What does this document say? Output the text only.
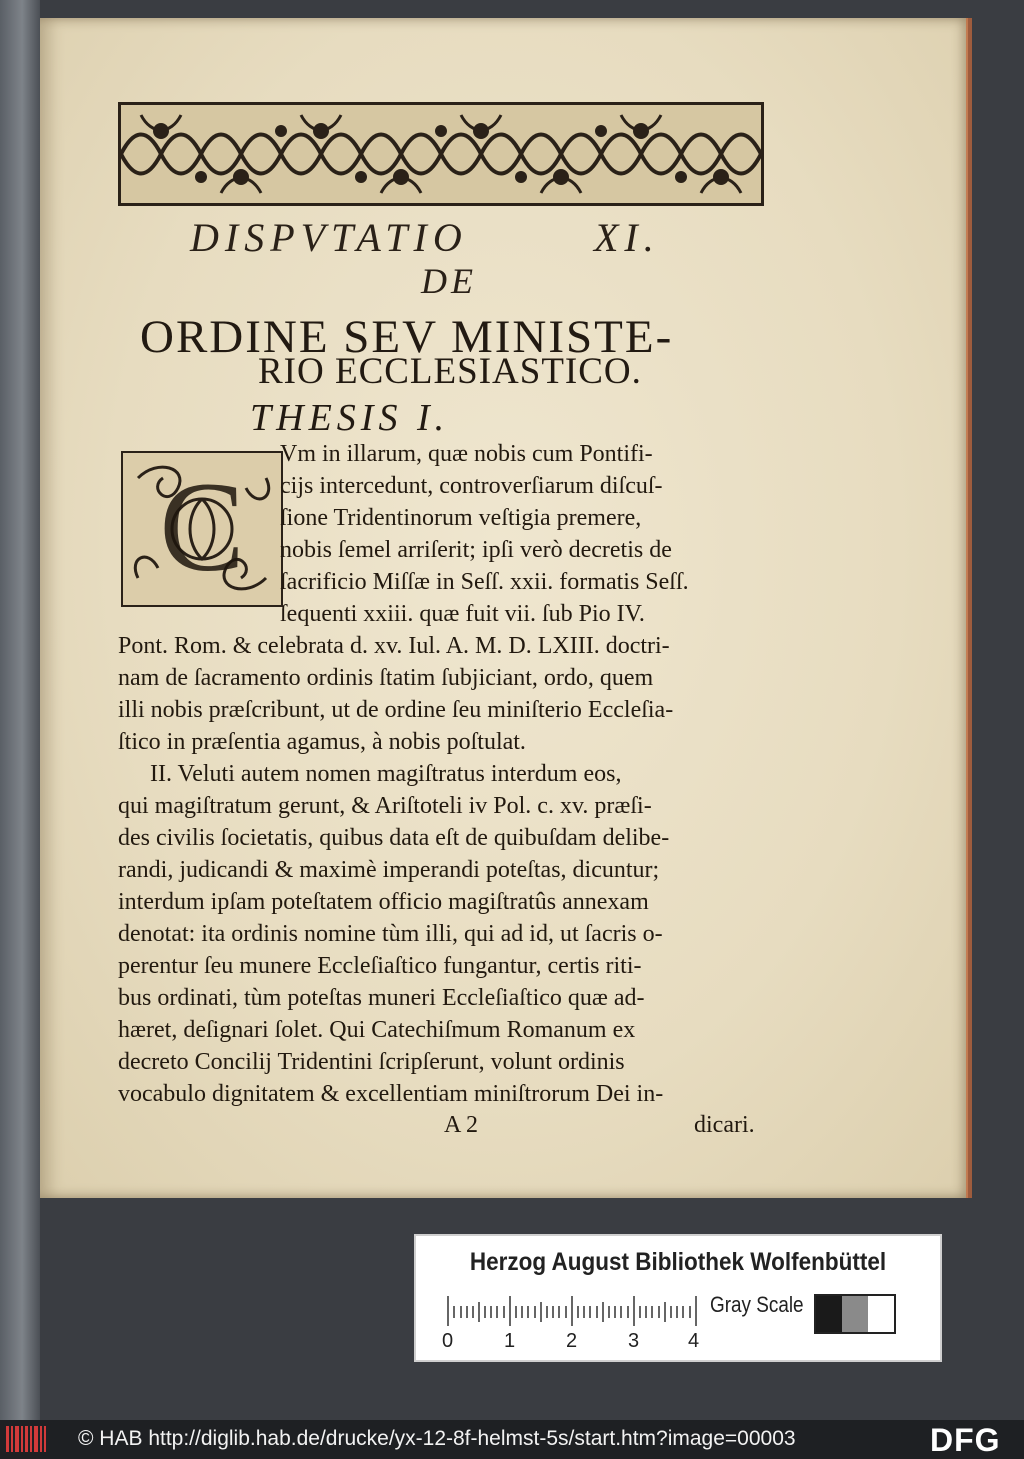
DISPVTATIO	XI.
DE
ORDINE SEV MINISTE-
RIO ECCLESIASTICO.
THESIS I.
C
Vm in illarum, quæ nobis cum Pontifi-
cijs intercedunt, controverſiarum diſcuſ-
ſione Tridentinorum veſtigia premere,
nobis ſemel arriſerit; ipſi verò decretis de
ſacrificio Miſſæ in Seſſ. xxii. formatis Seſſ.
ſequenti xxiii. quæ fuit vii. ſub Pio IV.
Pont. Rom. & celebrata d. xv. Iul. A. M. D. LXIII. doctri-
nam de ſacramento ordinis ſtatim ſubjiciant, ordo, quem
illi nobis præſcribunt, ut de ordine ſeu miniſterio Eccleſia-
ſtico in præſentia agamus, à nobis poſtulat.
II. Veluti autem nomen magiſtratus interdum eos,
qui magiſtratum gerunt, & Ariſtoteli iv Pol. c. xv. præſi-
des civilis ſocietatis, quibus data eſt de quibuſdam delibe-
randi, judicandi & maximè imperandi poteſtas, dicuntur;
interdum ipſam poteſtatem officio magiſtratûs annexam
denotat: ita ordinis nomine tùm illi, qui ad id, ut ſacris o-
perentur ſeu munere Eccleſiaſtico fungantur, certis riti-
bus ordinati, tùm poteſtas muneri Eccleſiaſtico quæ ad-
hæret, deſignari ſolet. Qui Catechiſmum Romanum ex
decreto Concilij Tridentini ſcripſerunt, volunt ordinis
vocabulo dignitatem & excellentiam miniſtrorum Dei in-
A 2	dicari.
Herzog August Bibliothek Wolfenbüttel
0	1	2	3 4
Gray Scale
© HAB http://diglib.hab.de/drucke/yx-12-8f-helmst-5s/start.htm?image=00003	DFG
